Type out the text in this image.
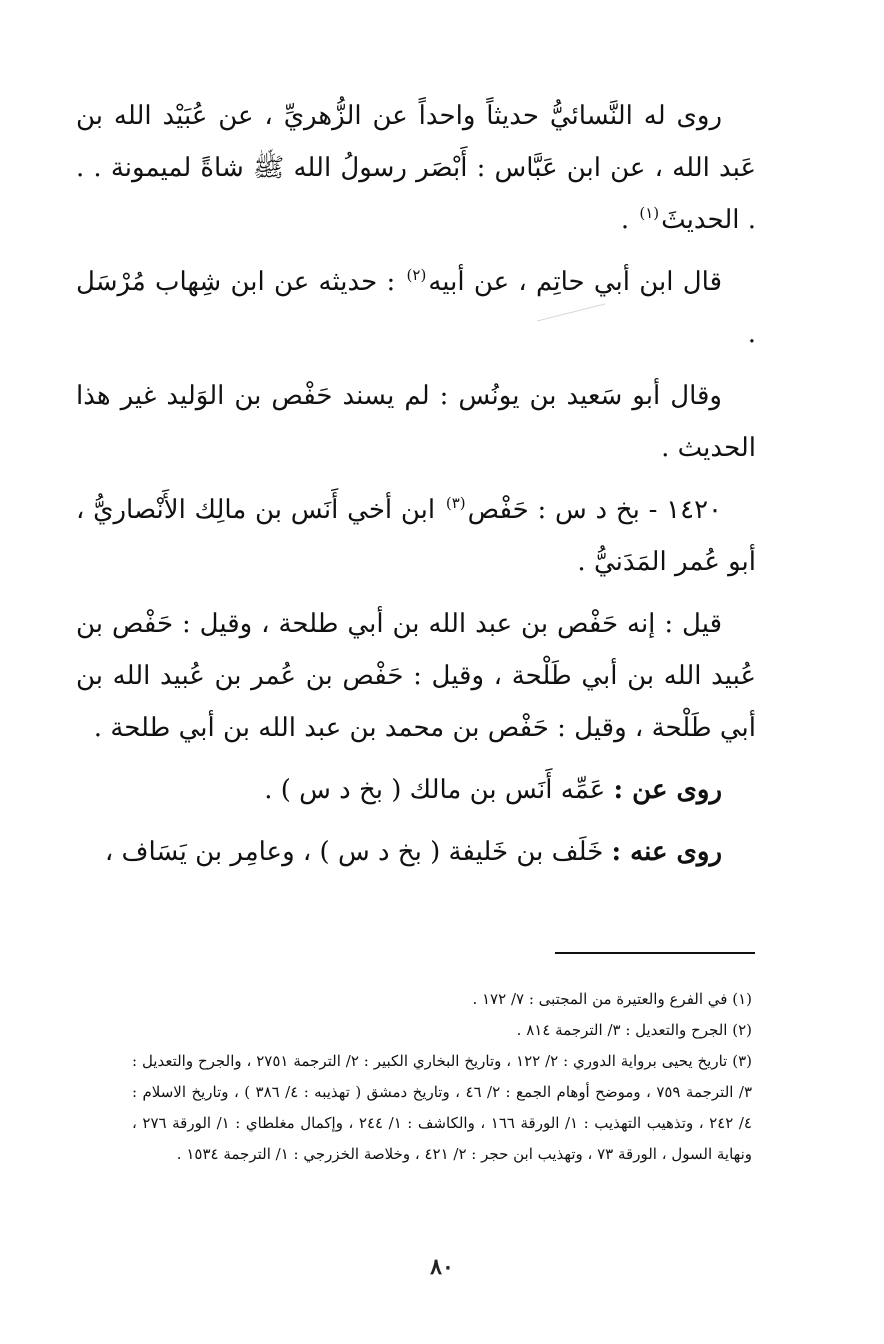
روى له النَّسائيُّ حديثاً واحداً عن الزُّهريِّ ، عن عُبَيْد الله بن عَبد الله ، عن ابن عَبَّاس : أَبْصَر رسولُ الله ﷺ شاةً لميمونة . . . الحديثَ$^{(١)}$ .

قال ابن أبي حاتِم ، عن أبيه$^{(٢)}$ : حديثه عن ابن شِهاب مُرْسَل .

وقال أبو سَعيد بن يونُس : لم يسند حَفْص بن الوَليد غير هذا الحديث .

١٤٢٠ - بخ د س : حَفْص$^{(٣)}$ ابن أخي أَنَس بن مالِك الأَنْصاريُّ ، أبو عُمر المَدَنيُّ .

قيل : إنه حَفْص بن عبد الله بن أبي طلحة ، وقيل : حَفْص بن عُبيد الله بن أبي طَلْحة ، وقيل : حَفْص بن عُمر بن عُبيد الله بن أبي طَلْحة ، وقيل : حَفْص بن محمد بن عبد الله بن أبي طلحة .

روى عن : عَمِّه أَنَس بن مالك ( بخ د س ) .

روى عنه : خَلَف بن خَليفة ( بخ د س ) ، وعامِر بن يَسَاف ،

(١) في الفرع والعتيرة من المجتبى : ٧/ ١٧٢ .

(٢) الجرح والتعديل : ٣/ الترجمة ٨١٤ .

(٣) تاريخ يحيى برواية الدوري : ٢/ ١٢٢ ، وتاريخ البخاري الكبير : ٢/ الترجمة ٢٧٥١ ، والجرح والتعديل : ٣/ الترجمة ٧٥٩ ، وموضح أوهام الجمع : ٢/ ٤٦ ، وتاريخ دمشق ( تهذيبه : ٤/ ٣٨٦ ) ، وتاريخ الاسلام : ٤/ ٢٤٢ ، وتذهيب التهذيب : ١/ الورقة ١٦٦ ، والكاشف : ١/ ٢٤٤ ، وإكمال مغلطاي : ١/ الورقة ٢٧٦ ، ونهاية السول ، الورقة ٧٣ ، وتهذيب ابن حجر : ٢/ ٤٢١ ، وخلاصة الخزرجي : ١/ الترجمة ١٥٣٤ .

٨٠
